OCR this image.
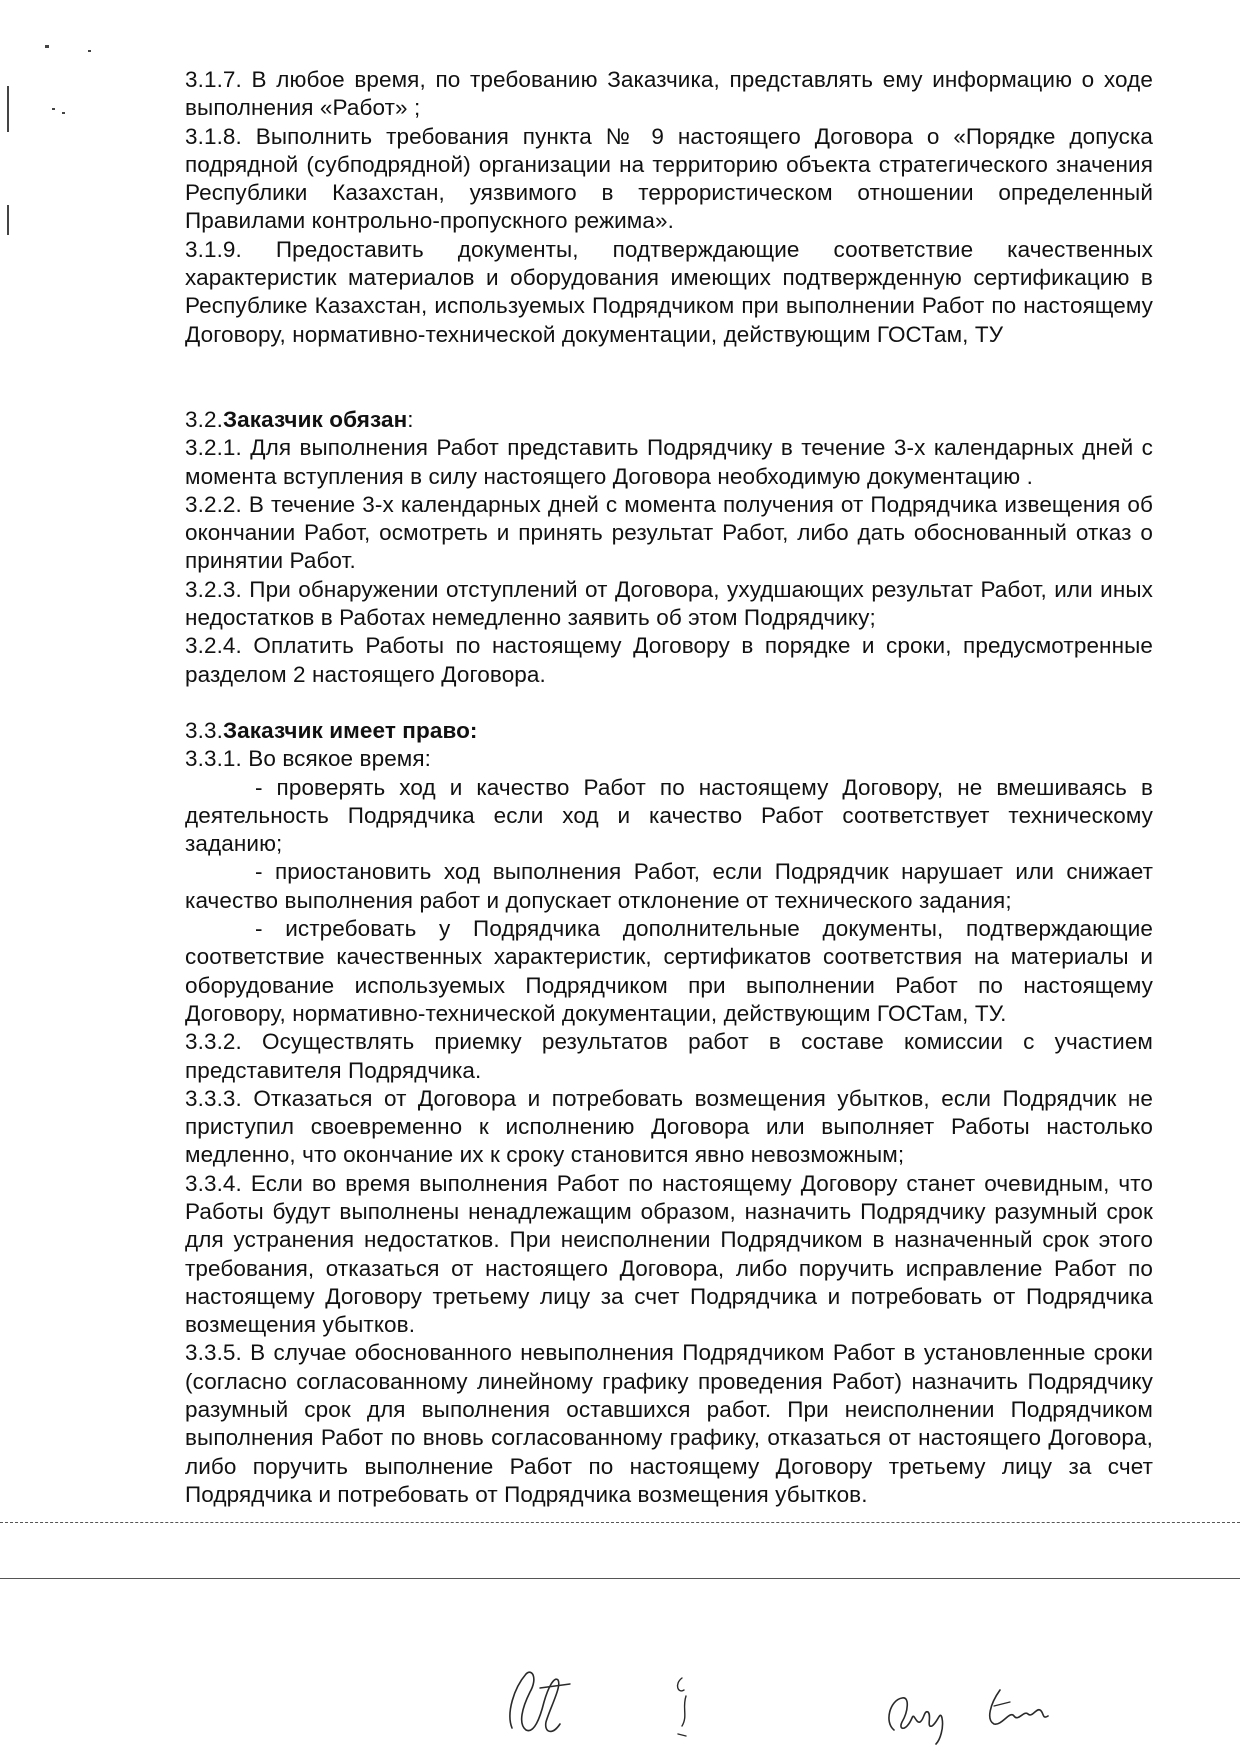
3.1.7. В любое время, по требованию Заказчика, представлять ему информацию о ходе выполнения «Работ» ;

3.1.8. Выполнить требования пункта № 9 настоящего Договора о «Порядке допуска подрядной (субподрядной) организации на территорию объекта стратегического значения Республики Казахстан, уязвимого в террористическом отношении определенный Правилами контрольно-пропускного режима».

3.1.9. Предоставить документы, подтверждающие соответствие качественных характеристик материалов и оборудования имеющих подтвержденную сертификацию в Республике Казахстан, используемых Подрядчиком при выполнении Работ по настоящему Договору, нормативно-технической документации, действующим ГОСТам, ТУ

3.2.Заказчик обязан:

3.2.1. Для выполнения Работ представить Подрядчику в течение 3-х календарных дней с момента вступления в силу настоящего Договора необходимую документацию .

3.2.2. В течение 3-х календарных дней с момента получения от Подрядчика извещения об окончании Работ, осмотреть и принять результат Работ, либо дать обоснованный отказ о принятии Работ.

3.2.3. При обнаружении отступлений от Договора, ухудшающих результат Работ, или иных недостатков в Работах немедленно заявить об этом Подрядчику;

3.2.4. Оплатить Работы по настоящему Договору в порядке и сроки, предусмотренные разделом 2 настоящего Договора.

3.3.Заказчик имеет право:

3.3.1. Во всякое время:

- проверять ход и качество Работ по настоящему Договору, не вмешиваясь в деятельность Подрядчика если ход и качество Работ соответствует техническому заданию;

- приостановить ход выполнения Работ, если Подрядчик нарушает или снижает качество выполнения работ и допускает отклонение от технического задания;

- истребовать у Подрядчика дополнительные документы, подтверждающие соответствие качественных характеристик, сертификатов соответствия на материалы и оборудование используемых Подрядчиком при выполнении Работ по настоящему Договору, нормативно-технической документации, действующим ГОСТам, ТУ.

3.3.2. Осуществлять приемку результатов работ в составе комиссии с участием представителя Подрядчика.

3.3.3. Отказаться от Договора и потребовать возмещения убытков, если Подрядчик не приступил своевременно к исполнению Договора или выполняет Работы настолько медленно, что окончание их к сроку становится явно невозможным;

3.3.4. Если во время выполнения Работ по настоящему Договору станет очевидным, что Работы будут выполнены ненадлежащим образом, назначить Подрядчику разумный срок для устранения недостатков. При неисполнении Подрядчиком в назначенный срок этого требования, отказаться от настоящего Договора, либо поручить исправление Работ по настоящему Договору третьему лицу за счет Подрядчика и потребовать от Подрядчика возмещения убытков.

3.3.5. В случае обоснованного невыполнения Подрядчиком Работ в установленные сроки (согласно согласованному линейному графику проведения Работ) назначить Подрядчику разумный срок для выполнения оставшихся работ. При неисполнении Подрядчиком выполнения Работ по вновь согласованному графику, отказаться от настоящего Договора, либо поручить выполнение Работ по настоящему Договору третьему лицу за счет Подрядчика и потребовать от Подрядчика возмещения убытков.
